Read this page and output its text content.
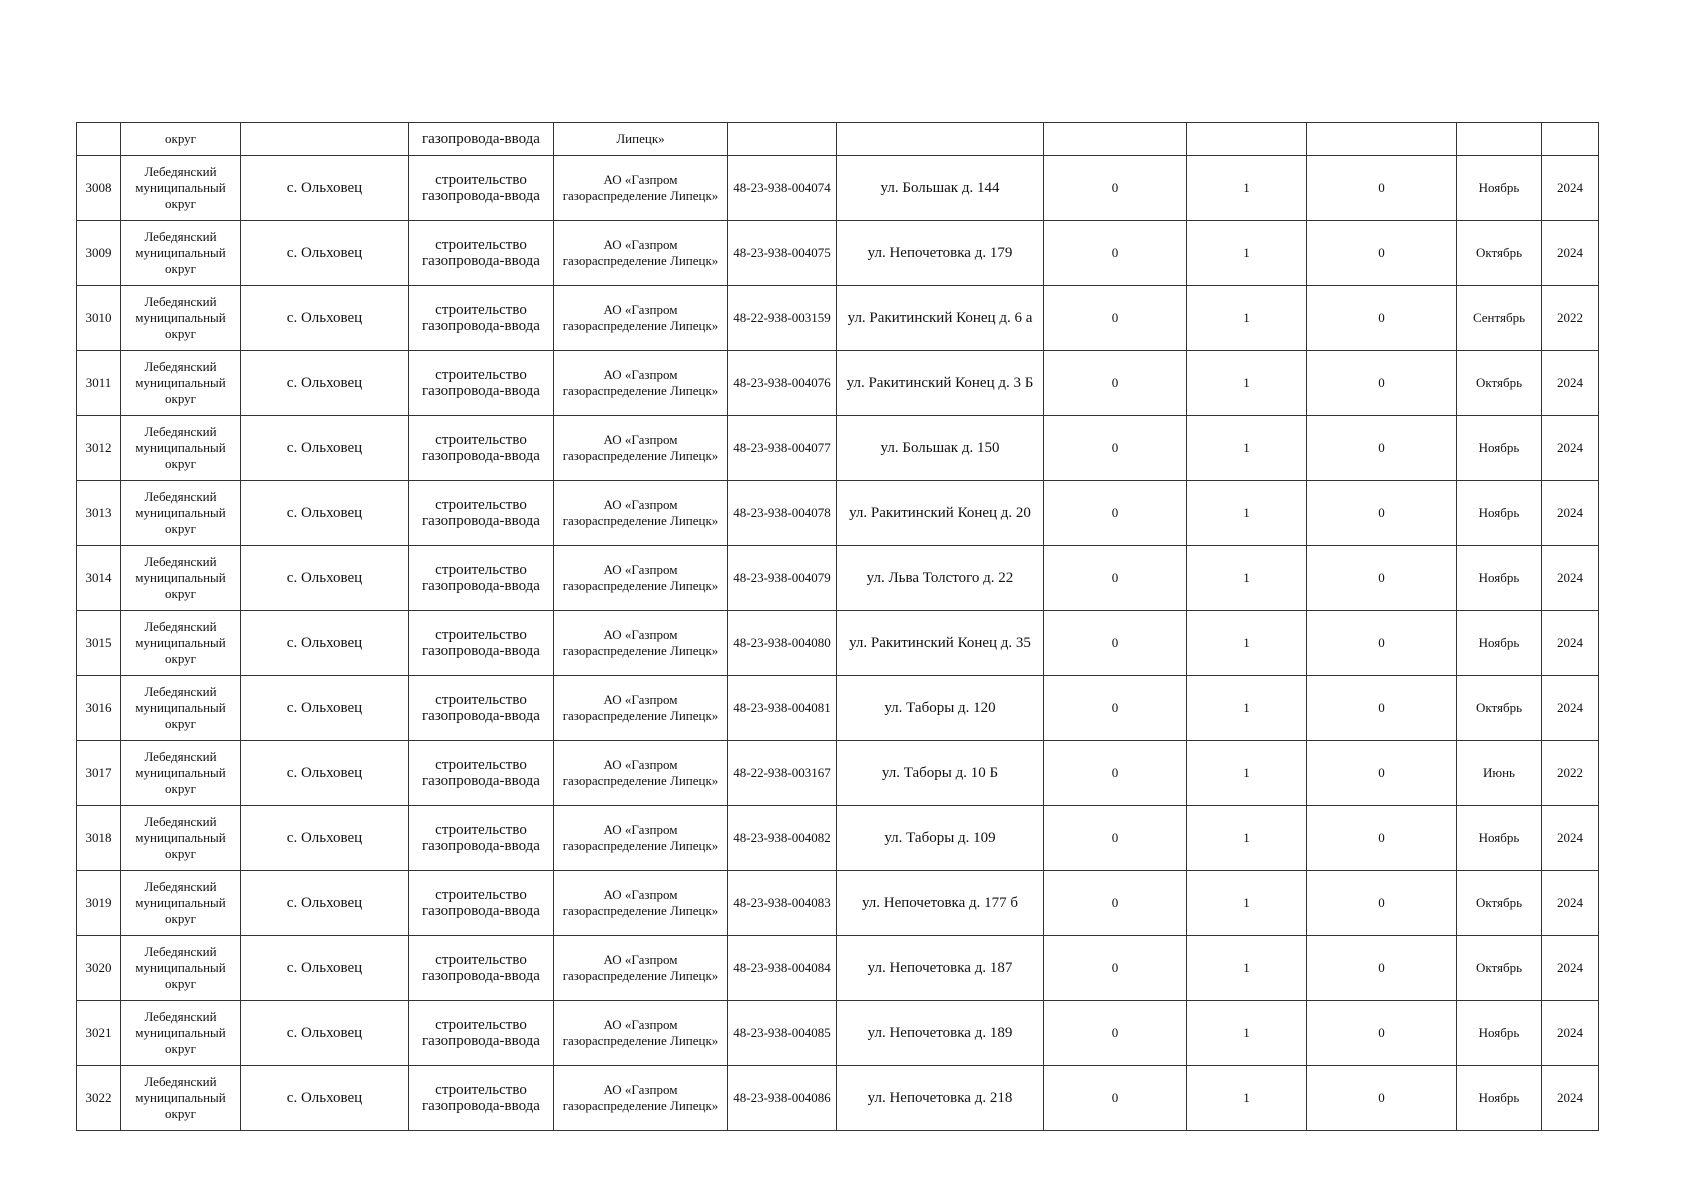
	округ		газопровода-ввода	Липецк»							
3008	Лебедянский муниципальный округ	с. Ольховец	строительство газопровода-ввода	АО «Газпром газораспределение Липецк»	48-23-938-004074	ул. Большак д. 144	0	1	0	Ноябрь	2024
3009	Лебедянский муниципальный округ	с. Ольховец	строительство газопровода-ввода	АО «Газпром газораспределение Липецк»	48-23-938-004075	ул. Непочетовка д. 179	0	1	0	Октябрь	2024
3010	Лебедянский муниципальный округ	с. Ольховец	строительство газопровода-ввода	АО «Газпром газораспределение Липецк»	48-22-938-003159	ул. Ракитинский Конец д. 6 а	0	1	0	Сентябрь	2022
3011	Лебедянский муниципальный округ	с. Ольховец	строительство газопровода-ввода	АО «Газпром газораспределение Липецк»	48-23-938-004076	ул. Ракитинский Конец д. 3 Б	0	1	0	Октябрь	2024
3012	Лебедянский муниципальный округ	с. Ольховец	строительство газопровода-ввода	АО «Газпром газораспределение Липецк»	48-23-938-004077	ул. Большак д. 150	0	1	0	Ноябрь	2024
3013	Лебедянский муниципальный округ	с. Ольховец	строительство газопровода-ввода	АО «Газпром газораспределение Липецк»	48-23-938-004078	ул. Ракитинский Конец д. 20	0	1	0	Ноябрь	2024
3014	Лебедянский муниципальный округ	с. Ольховец	строительство газопровода-ввода	АО «Газпром газораспределение Липецк»	48-23-938-004079	ул. Льва Толстого д. 22	0	1	0	Ноябрь	2024
3015	Лебедянский муниципальный округ	с. Ольховец	строительство газопровода-ввода	АО «Газпром газораспределение Липецк»	48-23-938-004080	ул. Ракитинский Конец д. 35	0	1	0	Ноябрь	2024
3016	Лебедянский муниципальный округ	с. Ольховец	строительство газопровода-ввода	АО «Газпром газораспределение Липецк»	48-23-938-004081	ул. Таборы д. 120	0	1	0	Октябрь	2024
3017	Лебедянский муниципальный округ	с. Ольховец	строительство газопровода-ввода	АО «Газпром газораспределение Липецк»	48-22-938-003167	ул. Таборы д. 10 Б	0	1	0	Июнь	2022
3018	Лебедянский муниципальный округ	с. Ольховец	строительство газопровода-ввода	АО «Газпром газораспределение Липецк»	48-23-938-004082	ул. Таборы д. 109	0	1	0	Ноябрь	2024
3019	Лебедянский муниципальный округ	с. Ольховец	строительство газопровода-ввода	АО «Газпром газораспределение Липецк»	48-23-938-004083	ул. Непочетовка д. 177 б	0	1	0	Октябрь	2024
3020	Лебедянский муниципальный округ	с. Ольховец	строительство газопровода-ввода	АО «Газпром газораспределение Липецк»	48-23-938-004084	ул. Непочетовка д. 187	0	1	0	Октябрь	2024
3021	Лебедянский муниципальный округ	с. Ольховец	строительство газопровода-ввода	АО «Газпром газораспределение Липецк»	48-23-938-004085	ул. Непочетовка д. 189	0	1	0	Ноябрь	2024
3022	Лебедянский муниципальный округ	с. Ольховец	строительство газопровода-ввода	АО «Газпром газораспределение Липецк»	48-23-938-004086	ул. Непочетовка д. 218	0	1	0	Ноябрь	2024
